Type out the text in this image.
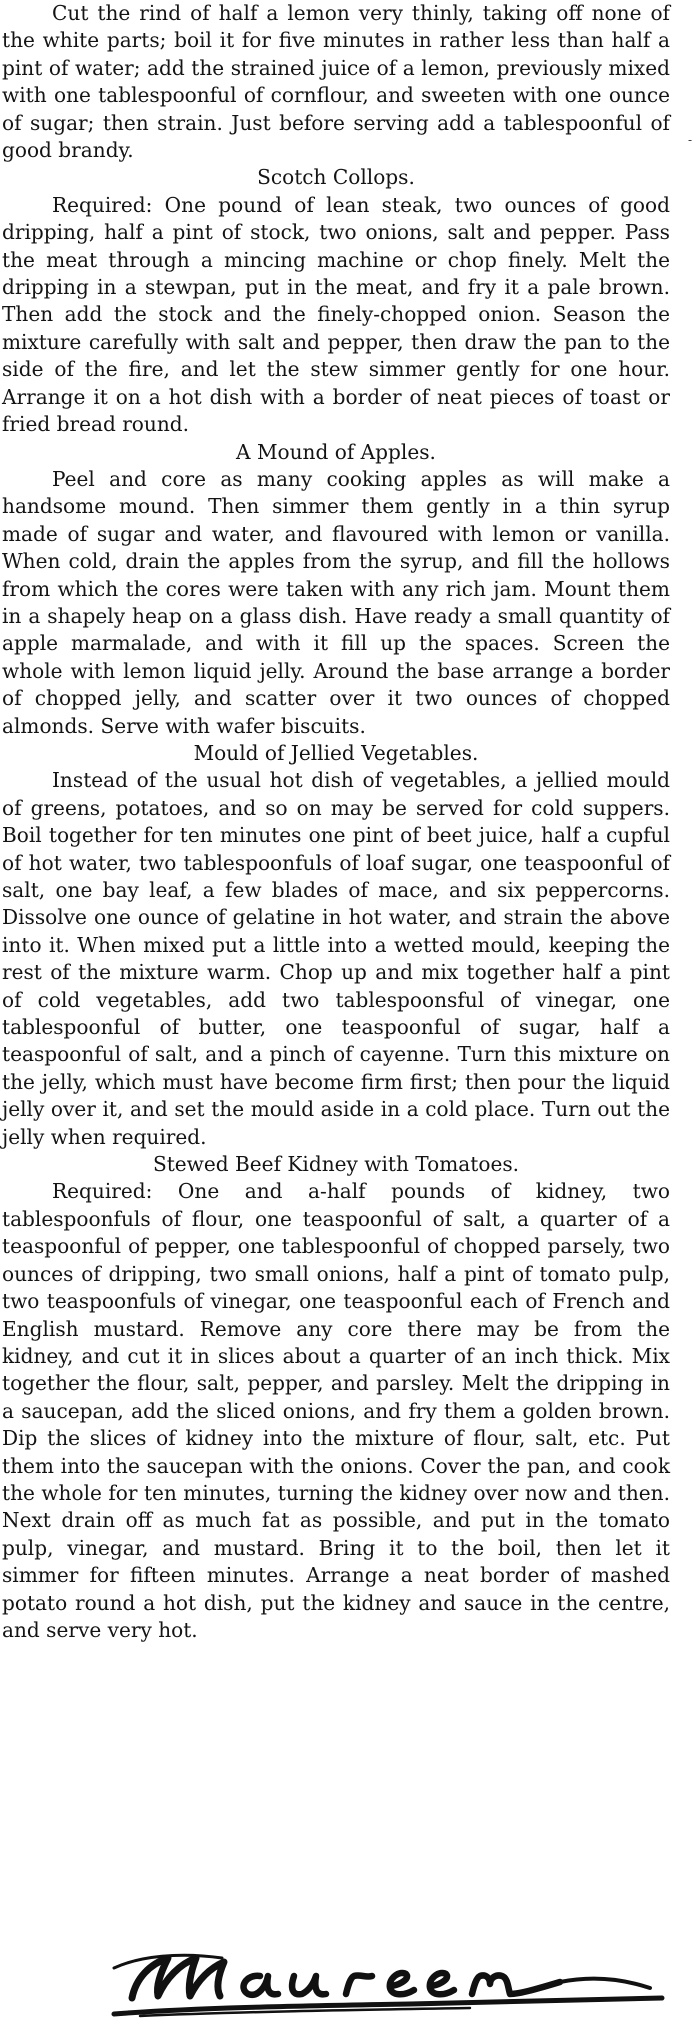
Cut the rind of half a lemon very thinly, taking off none of the white parts; boil it for five minutes in rather less than half a pint of water; add the strained juice of a lemon, previously mixed with one tablespoonful of cornflour, and sweeten with one ounce of sugar; then strain. Just before serving add a tablespoonful of good brandy.

Scotch Collops.

Required: One pound of lean steak, two ounces of good dripping, half a pint of stock, two onions, salt and pepper. Pass the meat through a mincing machine or chop finely. Melt the dripping in a stewpan, put in the meat, and fry it a pale brown. Then add the stock and the finely-chopped onion. Season the mixture carefully with salt and pepper, then draw the pan to the side of the fire, and let the stew simmer gently for one hour. Arrange it on a hot dish with a border of neat pieces of toast or fried bread round.

A Mound of Apples.

Peel and core as many cooking apples as will make a handsome mound. Then simmer them gently in a thin syrup made of sugar and water, and flavoured with lemon or vanilla. When cold, drain the apples from the syrup, and fill the hollows from which the cores were taken with any rich jam. Mount them in a shapely heap on a glass dish. Have ready a small quantity of apple marmalade, and with it fill up the spaces. Screen the whole with lemon liquid jelly. Around the base arrange a border of chopped jelly, and scatter over it two ounces of chopped almonds. Serve with wafer biscuits.

Mould of Jellied Vegetables.

Instead of the usual hot dish of vegetables, a jellied mould of greens, potatoes, and so on may be served for cold suppers. Boil together for ten minutes one pint of beet juice, half a cupful of hot water, two tablespoonfuls of loaf sugar, one teaspoonful of salt, one bay leaf, a few blades of mace, and six peppercorns. Dissolve one ounce of gelatine in hot water, and strain the above into it. When mixed put a little into a wetted mould, keeping the rest of the mixture warm. Chop up and mix together half a pint of cold vegetables, add two tablespoonsful of vinegar, one tablespoonful of butter, one teaspoonful of sugar, half a teaspoonful of salt, and a pinch of cayenne. Turn this mixture on the jelly, which must have become firm first; then pour the liquid jelly over it, and set the mould aside in a cold place. Turn out the jelly when required.

Stewed Beef Kidney with Tomatoes.

Required: One and a-half pounds of kidney, two tablespoonfuls of flour, one teaspoonful of salt, a quarter of a teaspoonful of pepper, one tablespoonful of chopped parsely, two ounces of dripping, two small onions, half a pint of tomato pulp, two teaspoonfuls of vinegar, one teaspoonful each of French and English mustard. Remove any core there may be from the kidney, and cut it in slices about a quarter of an inch thick. Mix together the flour, salt, pepper, and parsley. Melt the dripping in a saucepan, add the sliced onions, and fry them a golden brown. Dip the slices of kidney into the mixture of flour, salt, etc. Put them into the saucepan with the onions. Cover the pan, and cook the whole for ten minutes, turning the kidney over now and then. Next drain off as much fat as possible, and put in the tomato pulp, vinegar, and mustard. Bring it to the boil, then let it simmer for fifteen minutes. Arrange a neat border of mashed potato round a hot dish, put the kidney and sauce in the centre, and serve very hot.

-
